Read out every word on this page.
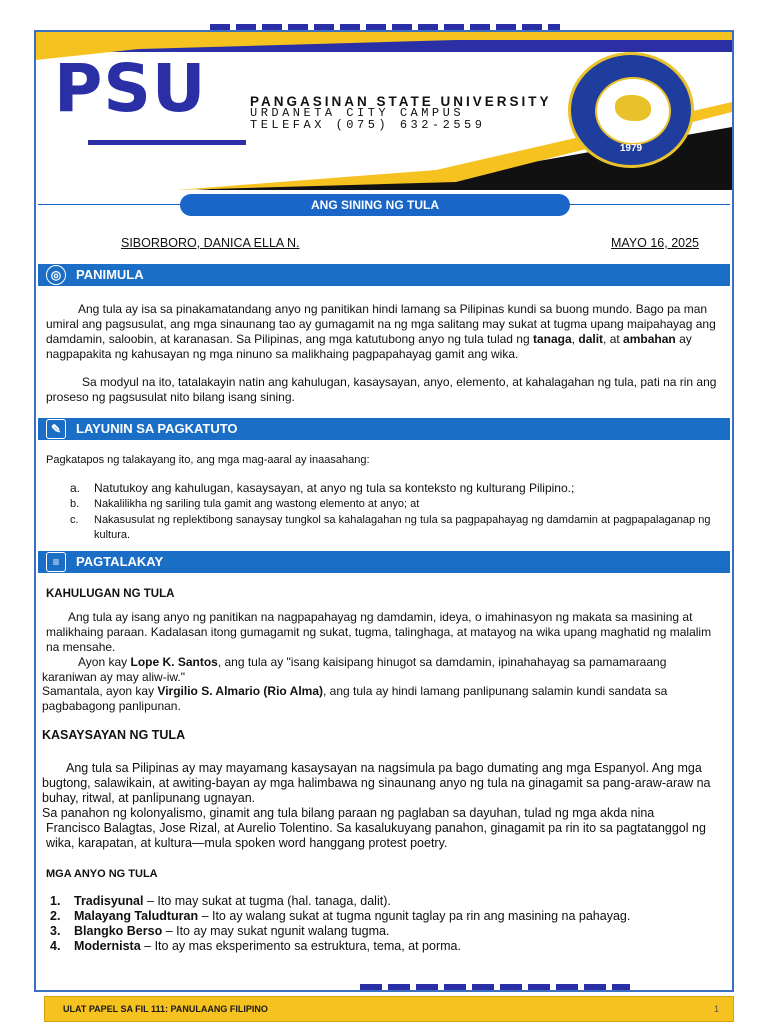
PSU	PANGASINAN STATE UNIVERSITY
URDANETA CITY CAMPUS
TELEFAX (075) 632-2559
1979
ANG SINING NG TULA
SIBORBORO, DANICA ELLA N.	MAYO 16, 2025
◎	PANIMULA
Ang tula ay isa sa pinakamatandang anyo ng panitikan hindi lamang sa Pilipinas kundi sa buong mundo. Bago pa man umiral ang pagsusulat, ang mga sinaunang tao ay gumagamit na ng mga salitang may sukat at tugma upang maipahayag ang damdamin, saloobin, at karanasan. Sa Pilipinas, ang mga katutubong anyo ng tula tulad ng tanaga, dalit, at ambahan ay nagpapakita ng kahusayan ng mga ninuno sa malikhaing pagpapahayag gamit ang wika.
Sa modyul na ito, tatalakayin natin ang kahulugan, kasaysayan, anyo, elemento, at kahalagahan ng tula, pati na rin ang proseso ng pagsusulat nito bilang isang sining.
✎	LAYUNIN SA PAGKATUTO
Pagkatapos ng talakayang ito, ang mga mag-aaral ay inaasahang:
a. Natutukoy ang kahulugan, kasaysayan, at anyo ng tula sa konteksto ng kulturang Pilipino.;
b. Nakalilikha ng sariling tula gamit ang wastong elemento at anyo; at
c. Nakasusulat ng replektibong sanaysay tungkol sa kahalagahan ng tula sa pagpapahayag ng damdamin at pagpapalaganap ng kultura.
≡	PAGTALAKAY
KAHULUGAN NG TULA
Ang tula ay isang anyo ng panitikan na nagpapahayag ng damdamin, ideya, o imahinasyon ng makata sa masining at malikhaing paraan. Kadalasan itong gumagamit ng sukat, tugma, talinghaga, at matayog na wika upang maghatid ng malalim na mensahe.
Ayon kay Lope K. Santos, ang tula ay "isang kaisipang hinugot sa damdamin, ipinahahayag sa pamamaraang karaniwan ay may aliw-iw."
Samantala, ayon kay Virgilio S. Almario (Rio Alma), ang tula ay hindi lamang panlipunang salamin kundi sandata sa pagbabagong panlipunan.
KASAYSAYAN NG TULA
Ang tula sa Pilipinas ay may mayamang kasaysayan na nagsimula pa bago dumating ang mga Espanyol. Ang mga bugtong, salawikain, at awiting-bayan ay mga halimbawa ng sinaunang anyo ng tula na ginagamit sa pang-araw-araw na buhay, ritwal, at panlipunang ugnayan.
Sa panahon ng kolonyalismo, ginamit ang tula bilang paraan ng paglaban sa dayuhan, tulad ng mga akda nina
Francisco Balagtas, Jose Rizal, at Aurelio Tolentino. Sa kasalukuyang panahon, ginagamit pa rin ito sa pagtatanggol ng wika, karapatan, at kultura—mula spoken word hanggang protest poetry.
MGA ANYO NG TULA
1. Tradisyunal – Ito may sukat at tugma (hal. tanaga, dalit).
2. Malayang Taludturan – Ito ay walang sukat at tugma ngunit taglay pa rin ang masining na pahayag.
3. Blangko Berso – Ito ay may sukat ngunit walang tugma.
4. Modernista – Ito ay mas eksperimento sa estruktura, tema, at porma.
ULAT PAPEL SA FIL 111: PANULAANG FILIPINO	1
